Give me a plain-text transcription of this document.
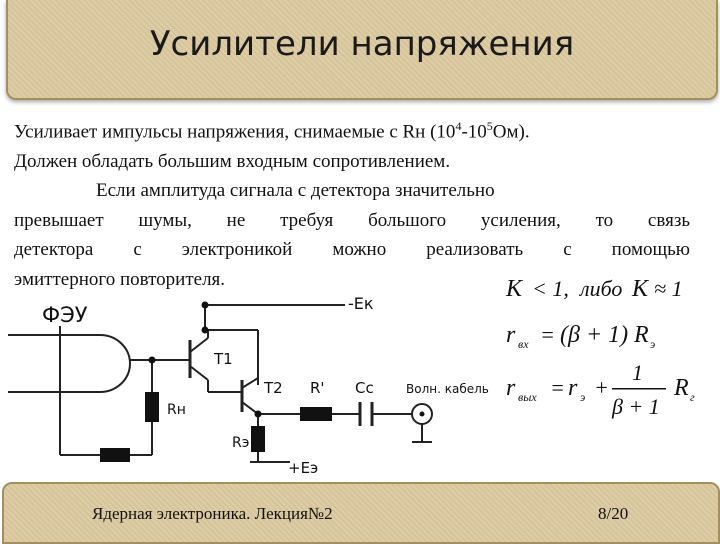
Усилители напряжения
Усиливает импульсы напряжения, снимаемые с Rн $(10^4-10^5Ом)$.
Должен обладать большим входным сопротивлением.
Если амплитуда сигнала с детектора значительно
превышает шумы, не требуя большого усиления, то связь
детектора с электроникой можно реализовать с помощью
эмиттерного повторителя.
ФЭУ	-Ек
Т1
Т2
Rн
Rэ
R' Сс	Волн. кабель
+Eэ
K < 1, либо K ≈ 1
r вх = (β + 1) R э
r вых = r э +
1
β + 1
R г
Ядерная электроника. Лекция№2	8/20
